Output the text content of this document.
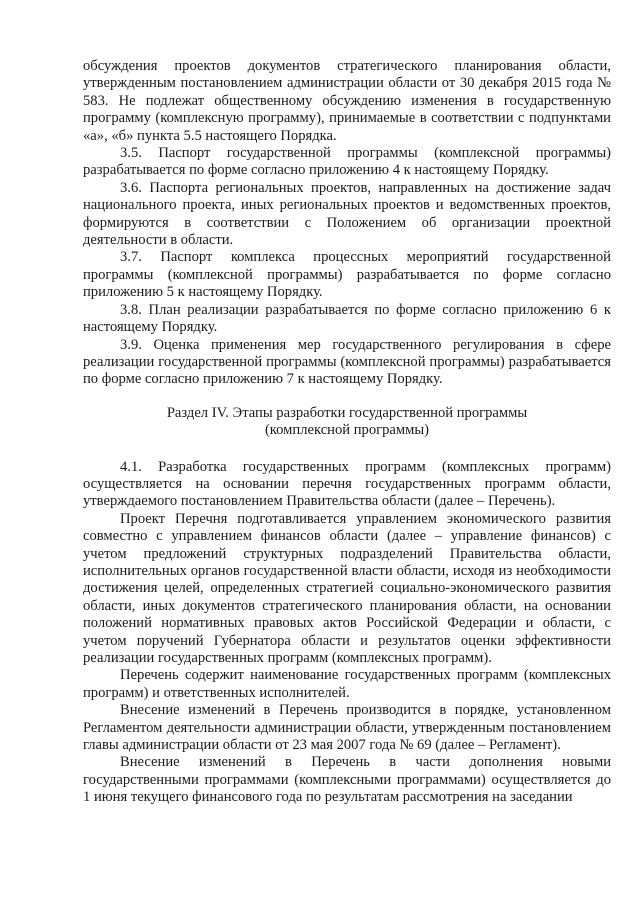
обсуждения проектов документов стратегического планирования области, утвержденным постановлением администрации области от 30 декабря 2015 года № 583. Не подлежат общественному обсуждению изменения в государственную программу (комплексную программу), принимаемые в соответствии с подпунктами «а», «б» пункта 5.5 настоящего Порядка.

3.5. Паспорт государственной программы (комплексной программы) разрабатывается по форме согласно приложению 4 к настоящему Порядку.

3.6. Паспорта региональных проектов, направленных на достижение задач национального проекта, иных региональных проектов и ведомственных проектов, формируются в соответствии с Положением об организации проектной деятельности в области.

3.7. Паспорт комплекса процессных мероприятий государственной программы (комплексной программы) разрабатывается по форме согласно приложению 5 к настоящему Порядку.

3.8. План реализации разрабатывается по форме согласно приложению 6 к настоящему Порядку.

3.9. Оценка применения мер государственного регулирования в сфере реализации государственной программы (комплексной программы) разрабатывается по форме согласно приложению 7 к настоящему Порядку.

Раздел IV. Этапы разработки государственной программы
(комплексной программы)

4.1. Разработка государственных программ (комплексных программ) осуществляется на основании перечня государственных программ области, утверждаемого постановлением Правительства области (далее – Перечень).

Проект Перечня подготавливается управлением экономического развития совместно с управлением финансов области (далее – управление финансов) с учетом предложений структурных подразделений Правительства области, исполнительных органов государственной власти области, исходя из необходимости достижения целей, определенных стратегией социально-экономического развития области, иных документов стратегического планирования области, на основании положений нормативных правовых актов Российской Федерации и области, с учетом поручений Губернатора области и результатов оценки эффективности реализации государственных программ (комплексных программ).

Перечень содержит наименование государственных программ (комплексных программ) и ответственных исполнителей.

Внесение изменений в Перечень производится в порядке, установленном Регламентом деятельности администрации области, утвержденным постановлением главы администрации области от 23 мая 2007 года № 69 (далее – Регламент).

Внесение изменений в Перечень в части дополнения новыми государственными программами (комплексными программами) осуществляется до 1 июня текущего финансового года по результатам рассмотрения на заседании
